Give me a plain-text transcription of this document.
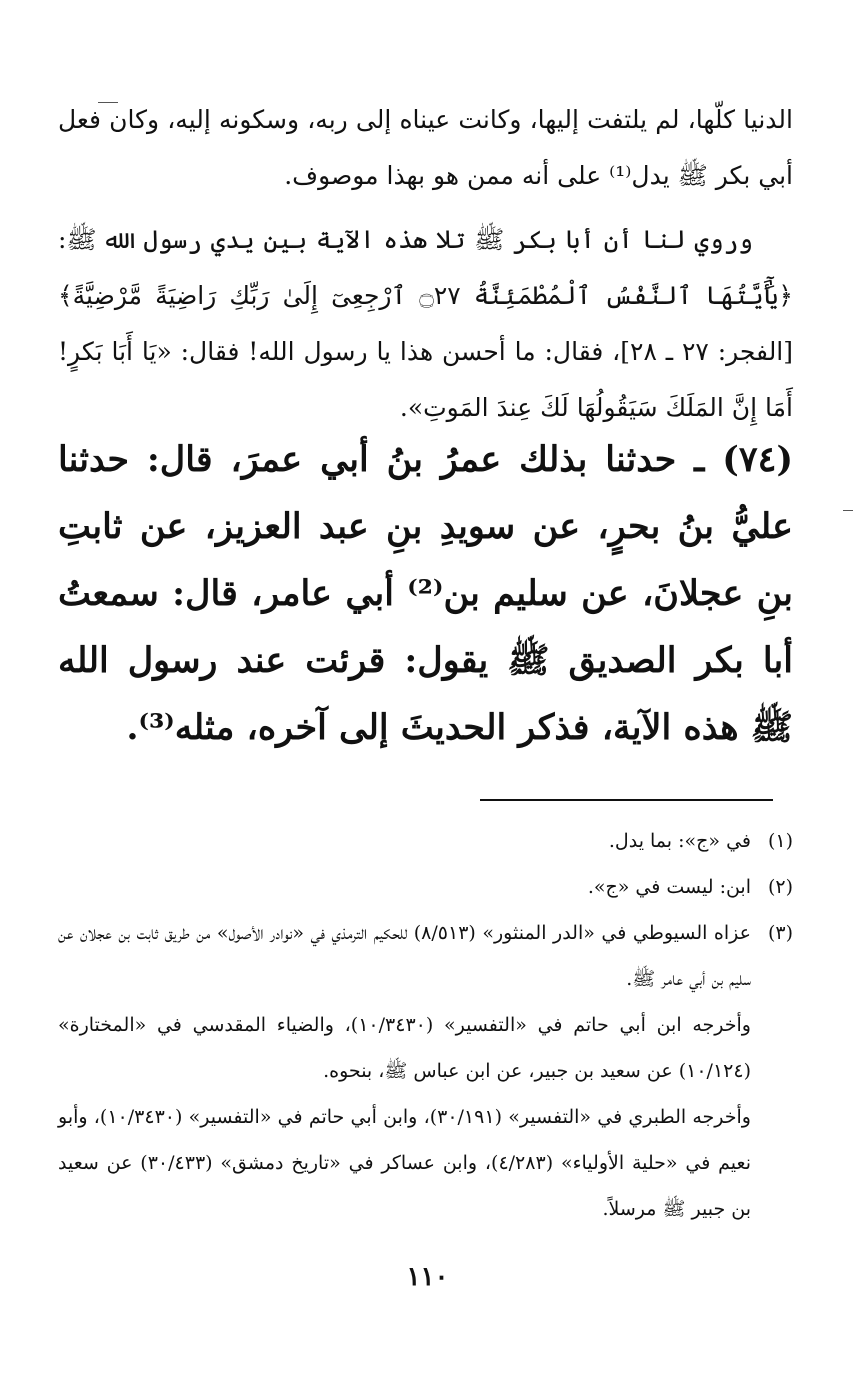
الدنيا كلّها، لم يلتفت إليها، وكانت عيناه إلى ربه، وسكونه إليه، وكان فعل أبي بكر ﷺ يدل⁽¹⁾ على أنه ممن هو بهذا موصوف.

وروي لنا أن أبا بكر ﷺ تلا هذه الآية بين يدي رسول الله ﷺ: ﴿يَٰٓأَيَّتُهَا ٱلنَّفْسُ ٱلْمُطْمَئِنَّةُ ۝٢٧ ٱرْجِعِىٓ إِلَىٰ رَبِّكِ رَاضِيَةً مَّرْضِيَّةً﴾ [الفجر: ٢٧ ـ ٢٨]، فقال: ما أحسن هذا يا رسول الله! فقال: «يَا أَبَا بَكرٍ! أَمَا إِنَّ المَلَكَ سَيَقُولُهَا لَكَ عِندَ المَوتِ».

(٧٤) ـ حدثنا بذلك عمرُ بنُ أبي عمرَ، قال: حدثنا عليُّ بنُ بحرٍ، عن سويدِ بنِ عبد العزيز، عن ثابتِ بنِ عجلانَ، عن سليم بن⁽²⁾ أبي عامر، قال: سمعتُ أبا بكر الصديق ﷺ يقول: قرئت عند رسول الله ﷺ هذه الآية، فذكر الحديثَ إلى آخره، مثله⁽³⁾.

(١)
في «ج»: بما يدل.
(٢)
ابن: ليست في «ج».
(٣)
عزاه السيوطي في «الدر المنثور» (٨/٥١٣) للحكيم الترمذي في «نوادر الأصول» من طريق ثابت بن عجلان عن سليم بن أبي عامر ﷺ.
وأخرجه ابن أبي حاتم في «التفسير» (١٠/٣٤٣٠)، والضياء المقدسي في «المختارة» (١٠/١٢٤) عن سعيد بن جبير، عن ابن عباس ﷺ، بنحوه.
وأخرجه الطبري في «التفسير» (٣٠/١٩١)، وابن أبي حاتم في «التفسير» (١٠/٣٤٣٠)، وأبو نعيم في «حلية الأولياء» (٤/٢٨٣)، وابن عساكر في «تاريخ دمشق» (٣٠/٤٣٣) عن سعيد بن جبير ﷺ مرسلاً.
١١٠
